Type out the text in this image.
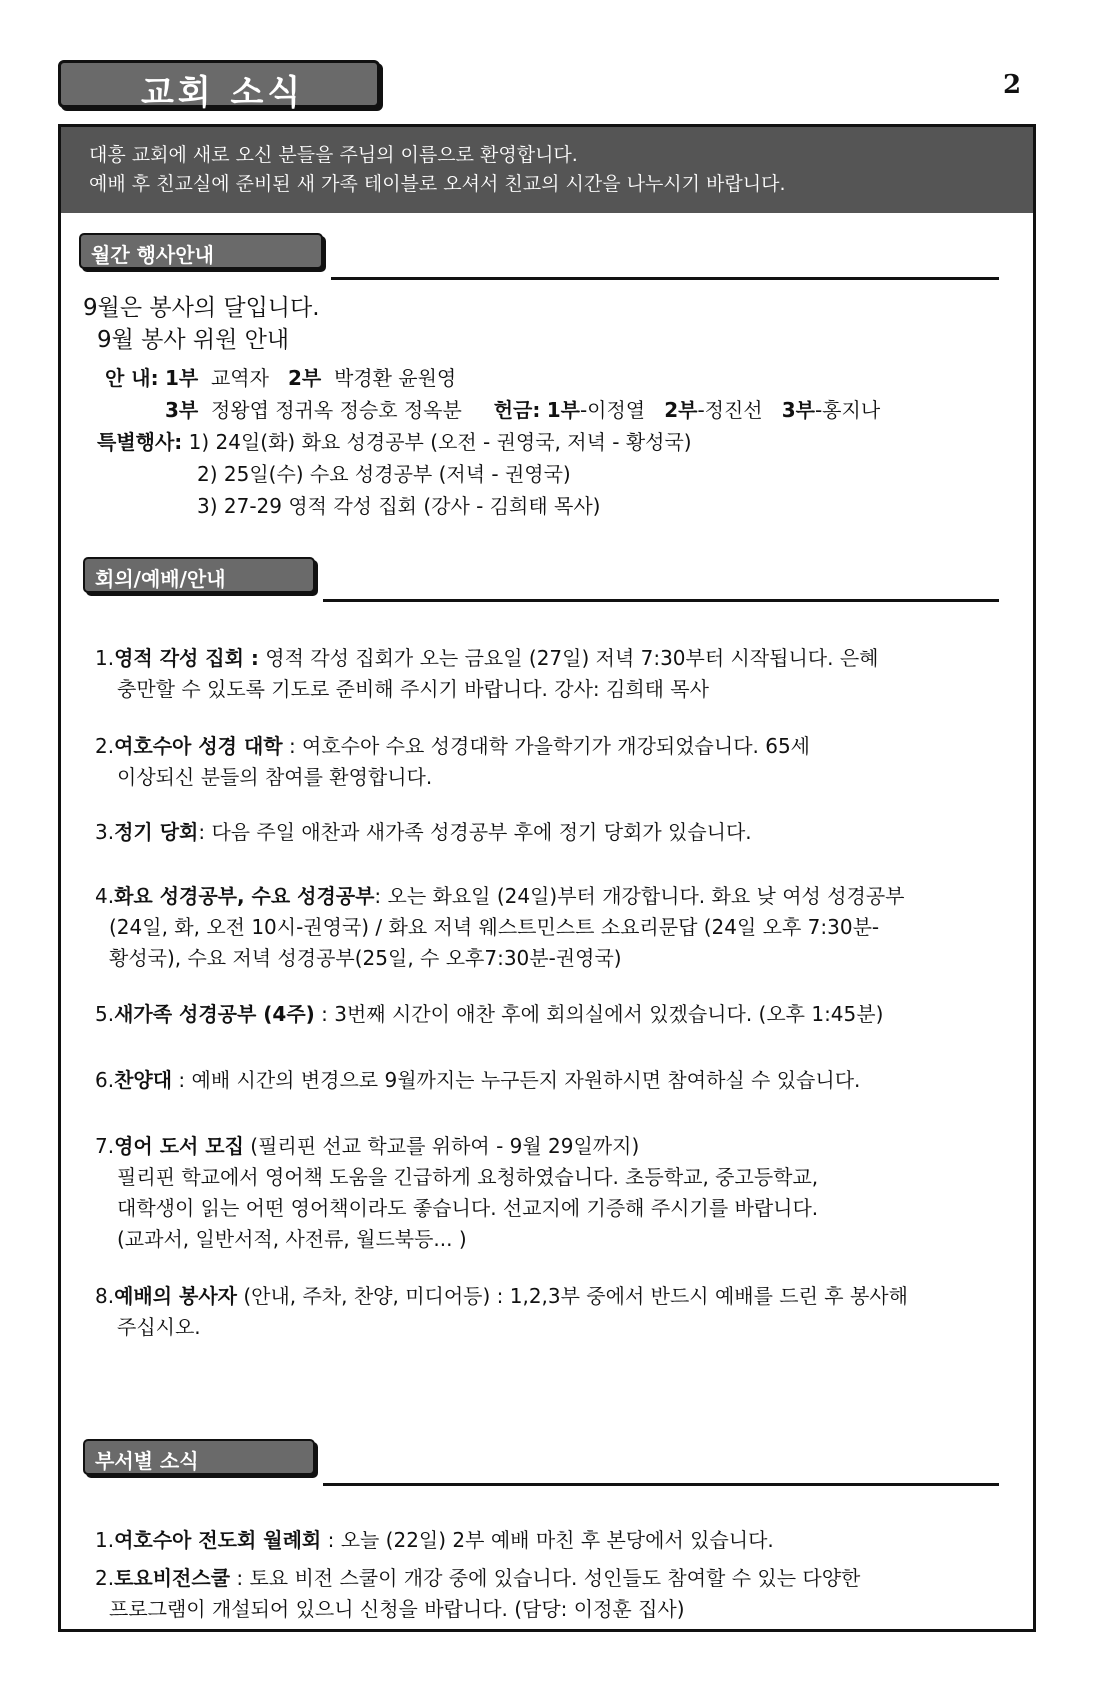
교회 소식	2
대흥 교회에 새로 오신 분들을 주님의 이름으로 환영합니다.
예배 후 친교실에 준비된 새 가족 테이블로 오셔서 친교의 시간을 나누시기 바랍니다.
월간 행사안내
9월은 봉사의 달입니다.
9월 봉사 위원 안내
안 내: 1부 교역자 2부 박경환 윤원영
3부 정왕엽 정귀옥 정승호 정옥분 헌금: 1부-이정열 2부-정진선 3부-홍지나
특별행사: 1) 24일(화) 화요 성경공부 (오전 - 권영국, 저녁 - 황성국)
2) 25일(수) 수요 성경공부 (저녁 - 권영국)
3) 27-29 영적 각성 집회 (강사 - 김희태 목사)
회의/예배/안내
1.영적 각성 집회 : 영적 각성 집회가 오는 금요일 (27일) 저녁 7:30부터 시작됩니다. 은혜
충만할 수 있도록 기도로 준비해 주시기 바랍니다. 강사: 김희태 목사
2.여호수아 성경 대학 : 여호수아 수요 성경대학 가을학기가 개강되었습니다. 65세
이상되신 분들의 참여를 환영합니다.
3.정기 당회: 다음 주일 애찬과 새가족 성경공부 후에 정기 당회가 있습니다.
4.화요 성경공부, 수요 성경공부: 오는 화요일 (24일)부터 개강합니다. 화요 낮 여성 성경공부
(24일, 화, 오전 10시-권영국) / 화요 저녁 웨스트민스트 소요리문답 (24일 오후 7:30분-
황성국), 수요 저녁 성경공부(25일, 수 오후7:30분-권영국)
5.새가족 성경공부 (4주) : 3번째 시간이 애찬 후에 회의실에서 있겠습니다. (오후 1:45분)
6.찬양대 : 예배 시간의 변경으로 9월까지는 누구든지 자원하시면 참여하실 수 있습니다.
7.영어 도서 모집 (필리핀 선교 학교를 위하여 - 9월 29일까지)
필리핀 학교에서 영어책 도움을 긴급하게 요청하였습니다. 초등학교, 중고등학교,
대학생이 읽는 어떤 영어책이라도 좋습니다. 선교지에 기증해 주시기를 바랍니다.
(교과서, 일반서적, 사전류, 월드북등... )
8.예배의 봉사자 (안내, 주차, 찬양, 미디어등) : 1,2,3부 중에서 반드시 예배를 드린 후 봉사해
주십시오.
부서별 소식
1.여호수아 전도회 월례회 : 오늘 (22일) 2부 예배 마친 후 본당에서 있습니다.
2.토요비전스쿨 : 토요 비전 스쿨이 개강 중에 있습니다. 성인들도 참여할 수 있는 다양한
프로그램이 개설되어 있으니 신청을 바랍니다. (담당: 이정훈 집사)
